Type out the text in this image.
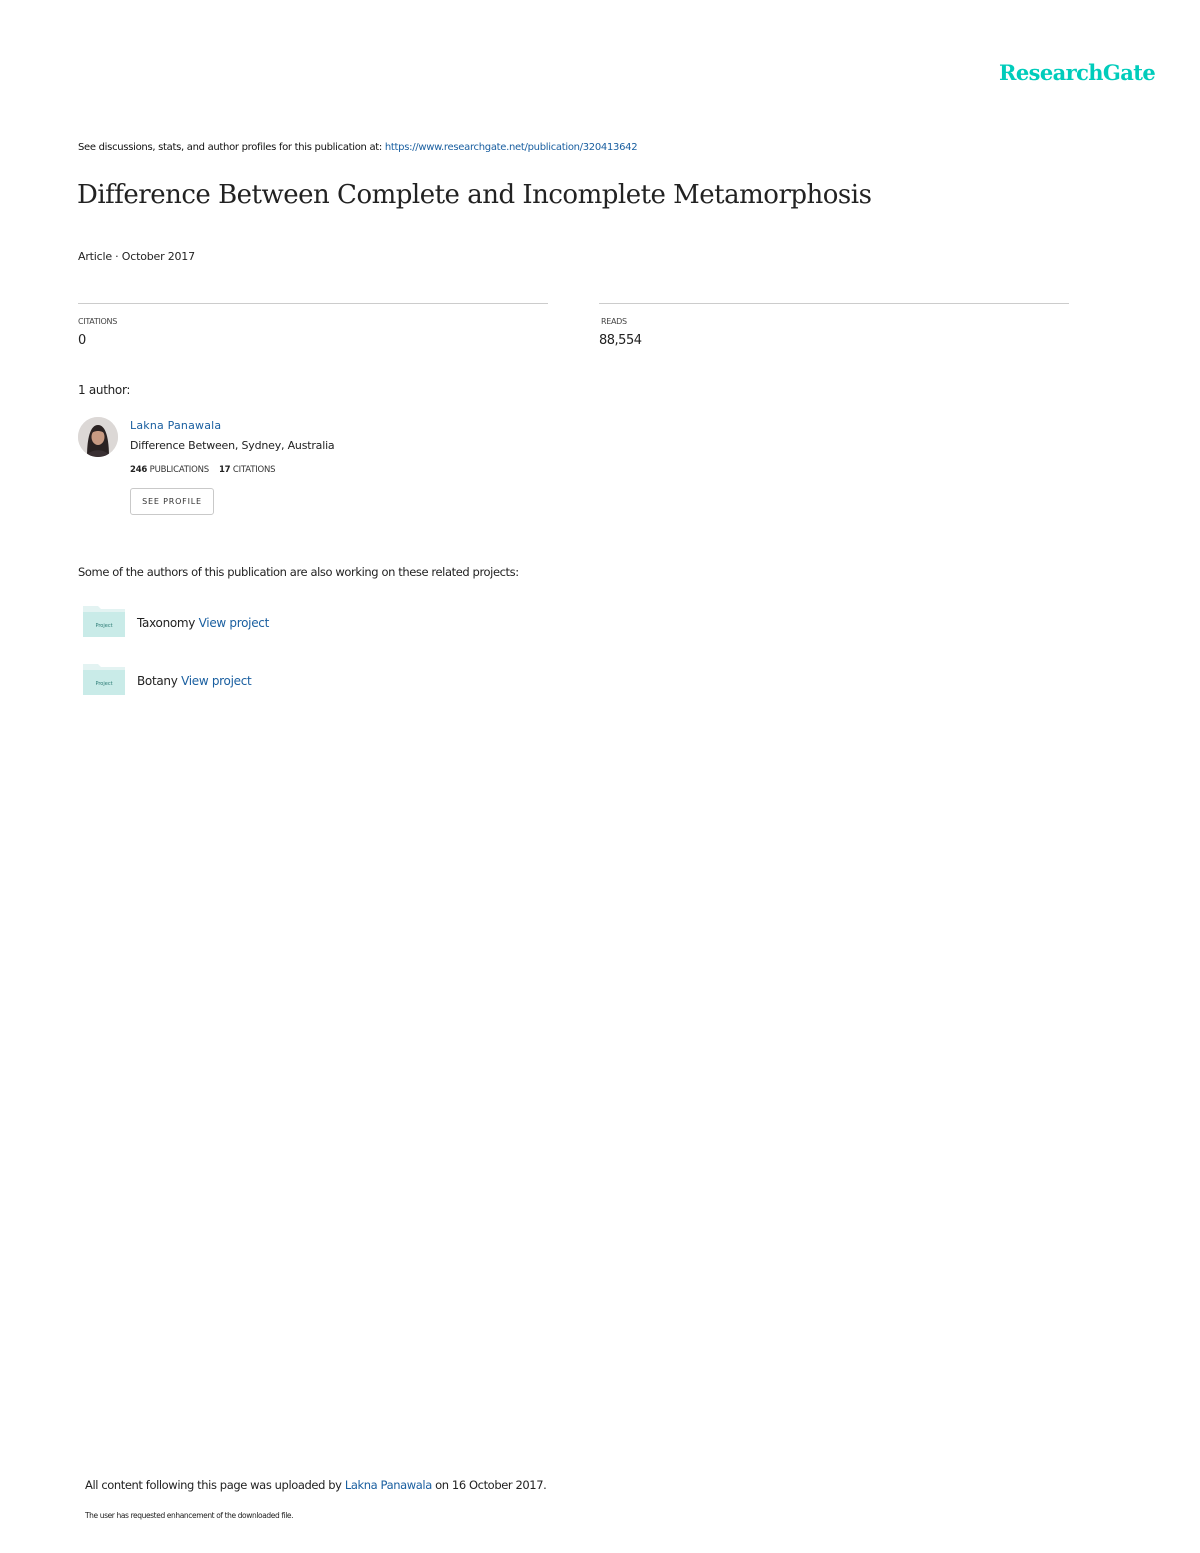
ResearchGate
See discussions, stats, and author profiles for this publication at: https://www.researchgate.net/publication/320413642
Difference Between Complete and Incomplete Metamorphosis
Article · October 2017
CITATIONS
0
READS
88,554
1 author:
Lakna Panawala
Difference Between, Sydney, Australia
246 PUBLICATIONS 17 CITATIONS
SEE PROFILE
Some of the authors of this publication are also working on these related projects:
Project Taxonomy View project
Project Botany View project
All content following this page was uploaded by Lakna Panawala on 16 October 2017.
The user has requested enhancement of the downloaded file.
